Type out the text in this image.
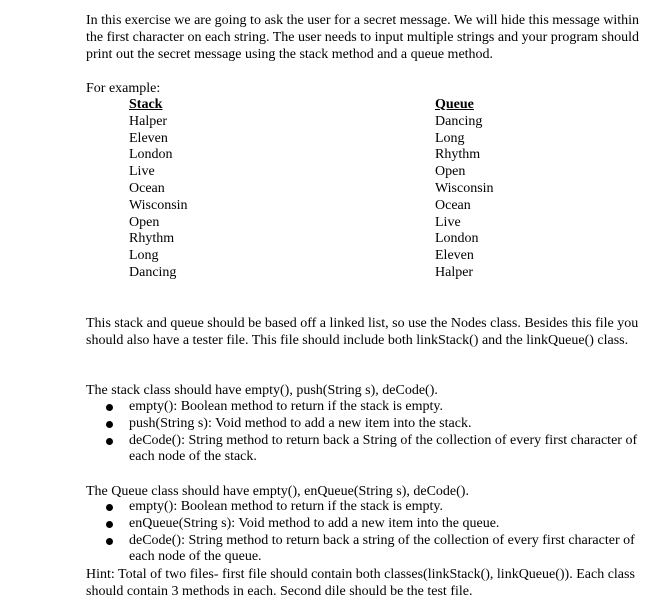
In this exercise we are going to ask the user for a secret message. We will hide this message within the first character on each string. The user needs to input multiple strings and your program should print out the secret message using the stack method and a queue method.

For example:
Stack
Halper
Eleven
London
Live
Ocean
Wisconsin
Open
Rhythm
Long
Dancing
Queue
Dancing
Long
Rhythm
Open
Wisconsin
Ocean
Live
London
Eleven
Halper

This stack and queue should be based off a linked list, so use the Nodes class. Besides this file you should also have a tester file. This file should include both linkStack() and the linkQueue() class.

The stack class should have empty(), push(String s), deCode().
empty(): Boolean method to return if the stack is empty.
push(String s): Void method to add a new item into the stack.
deCode(): String method to return back a String of the collection of every first character of each node of the stack.
The Queue class should have empty(), enQueue(String s), deCode().
empty(): Boolean method to return if the stack is empty.
enQueue(String s): Void method to add a new item into the queue.
deCode(): String method to return back a string of the collection of every first character of each node of the queue.

Hint: Total of two files- first file should contain both classes(linkStack(), linkQueue()). Each class should contain 3 methods in each. Second dile should be the test file.
